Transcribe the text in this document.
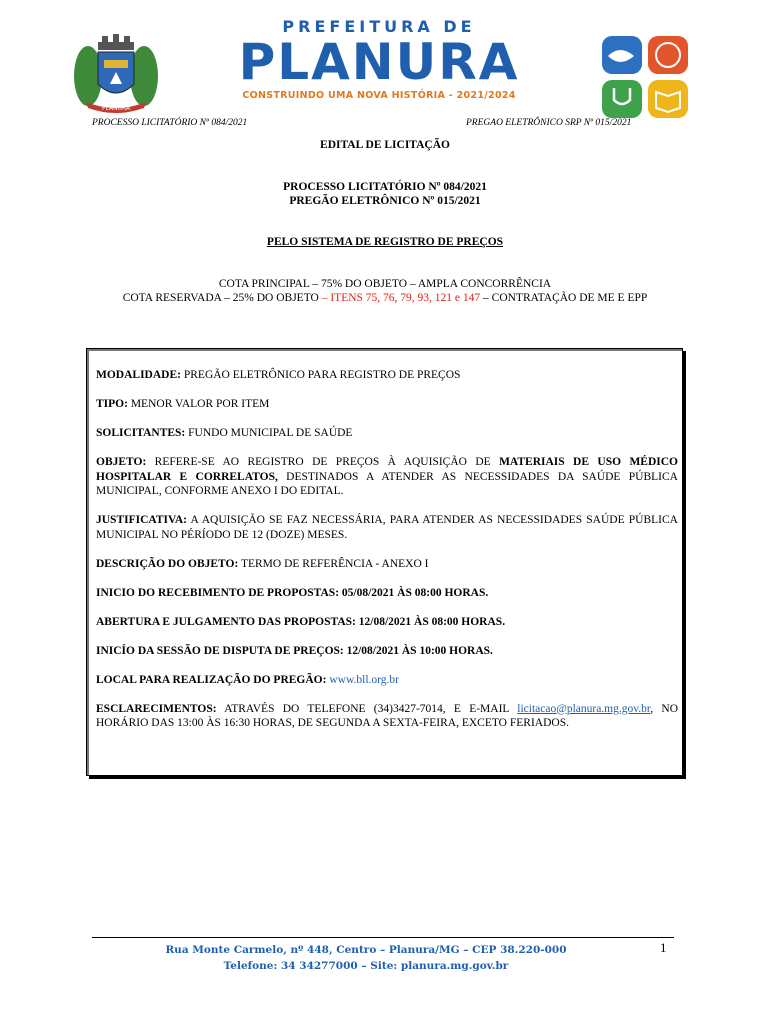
PLANURA
PREFEITURA DE
PLANURA
CONSTRUINDO UMA NOVA HISTÓRIA - 2021/2024
PROCESSO LICITATÓRIO Nº 084/2021	PREGAO ELETRÔNICO SRP Nº 015/2021
EDITAL DE LICITAÇÃO
PROCESSO LICITATÓRIO Nº 084/2021
PREGÃO ELETRÔNICO Nº 015/2021
PELO SISTEMA DE REGISTRO DE PREÇOS
COTA PRINCIPAL – 75% DO OBJETO – AMPLA CONCORRÊNCIA
COTA RESERVADA – 25% DO OBJETO – ITENS 75, 76, 79, 93, 121 e 147 – CONTRATAÇÃO DE ME E EPP

MODALIDADE: PREGÃO ELETRÔNICO PARA REGISTRO DE PREÇOS

TIPO: MENOR VALOR POR ITEM

SOLICITANTES: FUNDO MUNICIPAL DE SAÚDE

OBJETO: REFERE-SE AO REGISTRO DE PREÇOS À AQUISIÇÃO DE MATERIAIS DE USO MÉDICO HOSPITALAR E CORRELATOS, DESTINADOS A ATENDER AS NECESSIDADES DA SAÚDE PÚBLICA MUNICIPAL, CONFORME ANEXO I DO EDITAL.

JUSTIFICATIVA: A AQUISIÇÃO SE FAZ NECESSÁRIA, PARA ATENDER AS NECESSIDADES SAÚDE PÚBLICA MUNICIPAL NO PÉRÍODO DE 12 (DOZE) MESES.

DESCRIÇÃO DO OBJETO: TERMO DE REFERÊNCIA - ANEXO I

INICIO DO RECEBIMENTO DE PROPOSTAS: 05/08/2021 ÀS 08:00 HORAS.

ABERTURA E JULGAMENTO DAS PROPOSTAS: 12/08/2021 ÀS 08:00 HORAS.

INICÍO DA SESSÃO DE DISPUTA DE PREÇOS: 12/08/2021 ÀS 10:00 HORAS.

LOCAL PARA REALIZAÇÃO DO PREGÃO: www.bll.org.br

ESCLARECIMENTOS: ATRAVÉS DO TELEFONE (34)3427-7014, E E-MAIL licitacao@planura.mg.gov.br, NO HORÁRIO DAS 13:00 ÀS 16:30 HORAS, DE SEGUNDA A SEXTA-FEIRA, EXCETO FERIADOS.

Rua Monte Carmelo, nº 448, Centro – Planura/MG – CEP 38.220-000
Telefone: 34 34277000 – Site: planura.mg.gov.br
1
